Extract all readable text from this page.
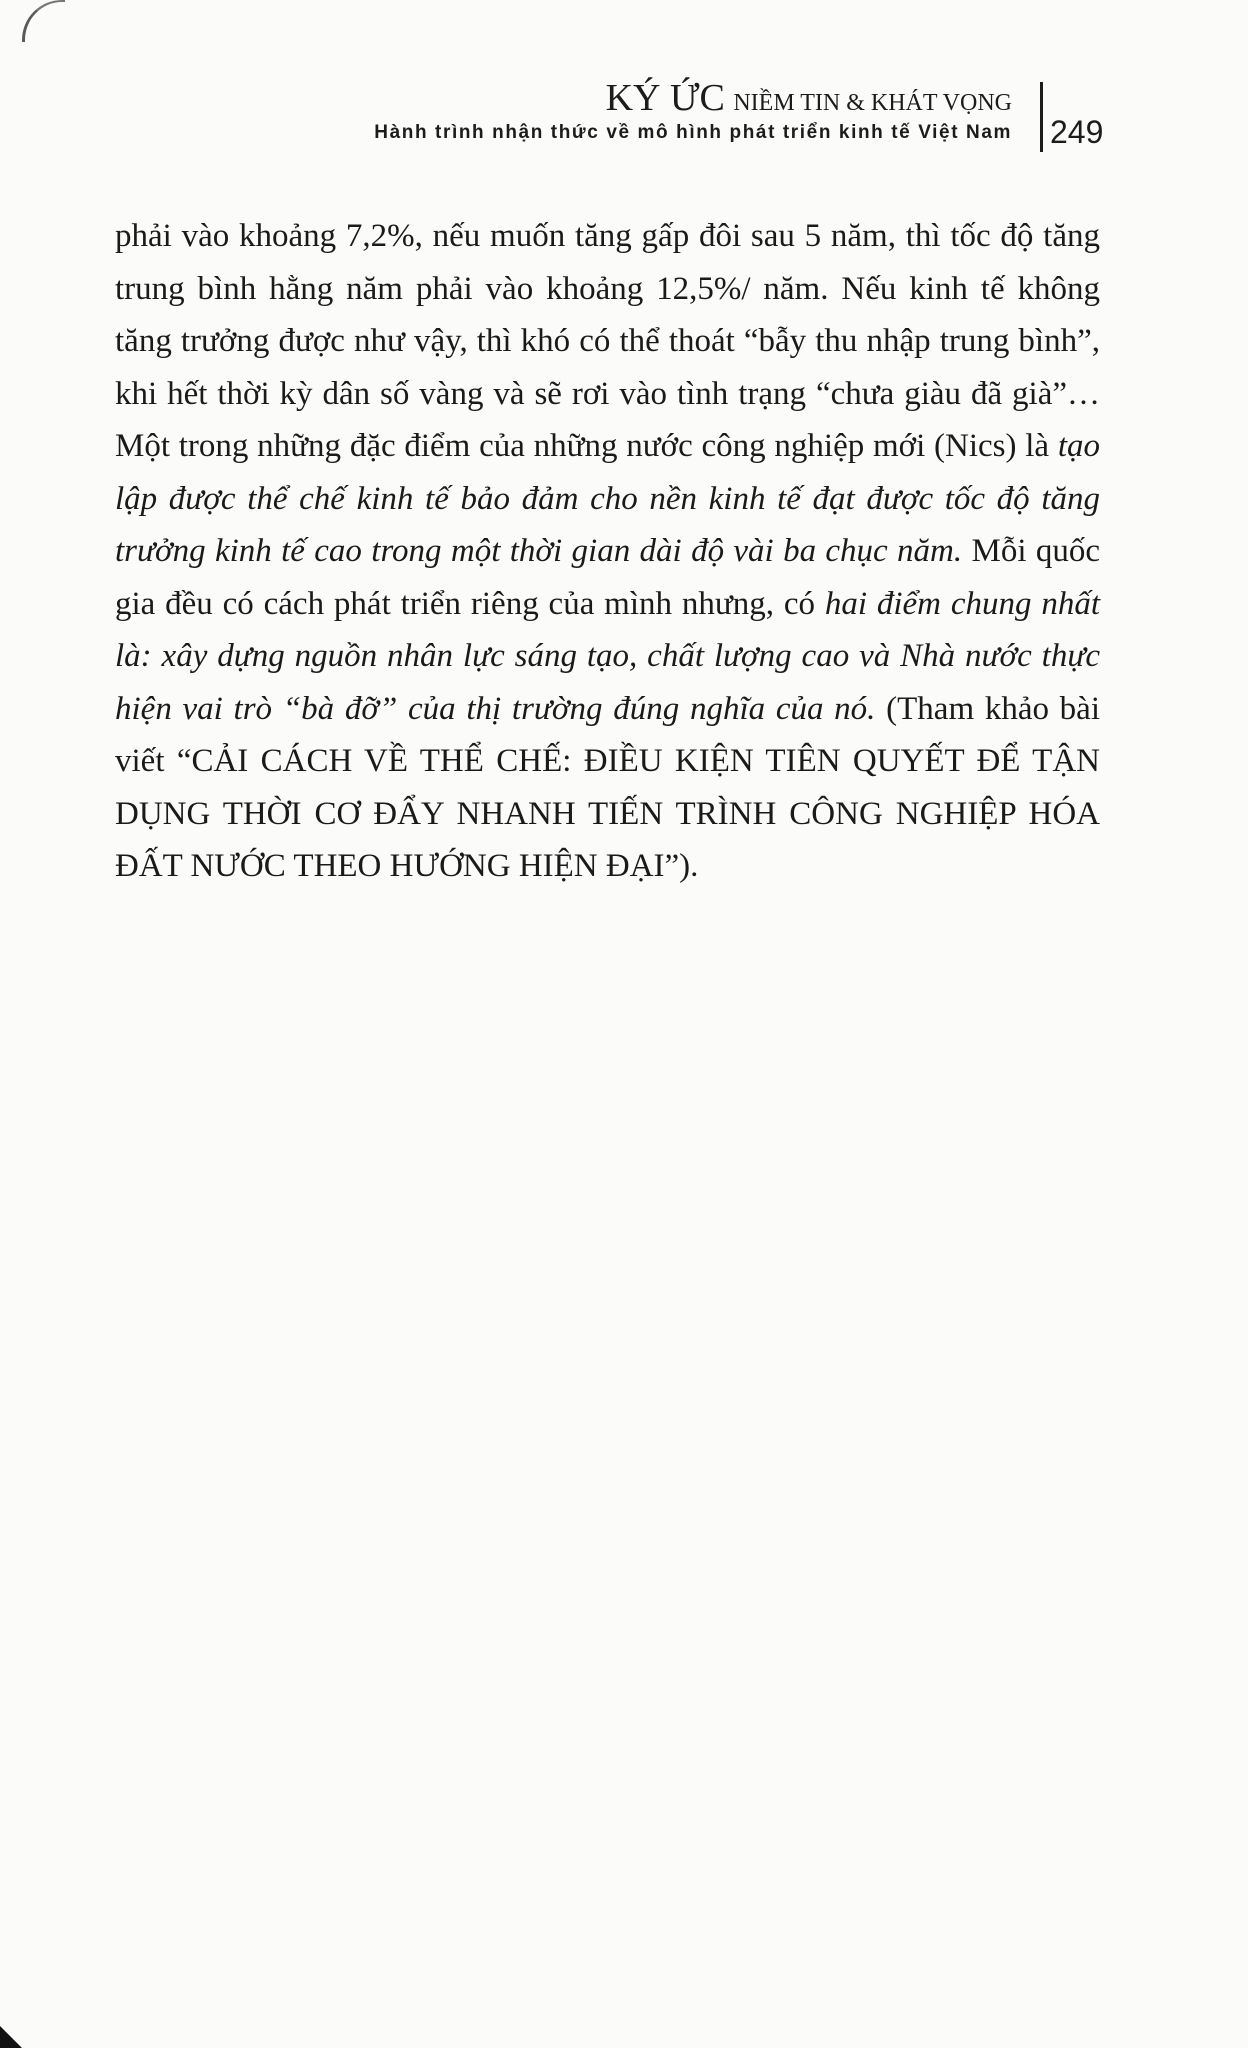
KÝ ỨC NIỀM TIN & KHÁT VỌNG
Hành trình nhận thức về mô hình phát triển kinh tế Việt Nam 249

phải vào khoảng 7,2%, nếu muốn tăng gấp đôi sau 5 năm, thì tốc độ tăng trung bình hằng năm phải vào khoảng 12,5%/ năm. Nếu kinh tế không tăng trưởng được như vậy, thì khó có thể thoát “bẫy thu nhập trung bình”, khi hết thời kỳ dân số vàng và sẽ rơi vào tình trạng “chưa giàu đã già”… Một trong những đặc điểm của những nước công nghiệp mới (Nics) là tạo lập được thể chế kinh tế bảo đảm cho nền kinh tế đạt được tốc độ tăng trưởng kinh tế cao trong một thời gian dài độ vài ba chục năm. Mỗi quốc gia đều có cách phát triển riêng của mình nhưng, có hai điểm chung nhất là: xây dựng nguồn nhân lực sáng tạo, chất lượng cao và Nhà nước thực hiện vai trò “bà đỡ” của thị trường đúng nghĩa của nó. (Tham khảo bài viết “CẢI CÁCH VỀ THỂ CHẾ: ĐIỀU KIỆN TIÊN QUYẾT ĐỂ TẬN DỤNG THỜI CƠ ĐẨY NHANH TIẾN TRÌNH CÔNG NGHIỆP HÓA ĐẤT NƯỚC THEO HƯỚNG HIỆN ĐẠI”).
